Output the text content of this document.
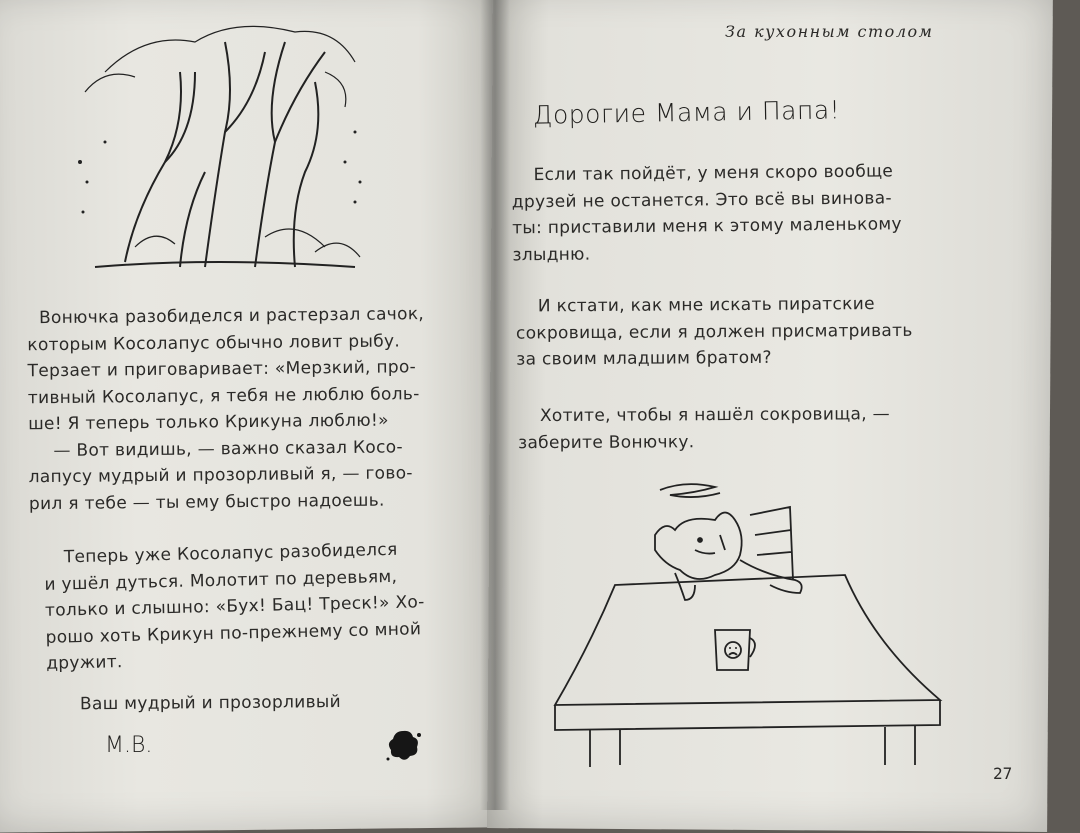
Вонючка разобиделся и растерзал сачок,
которым Косолапус обычно ловит рыбу.
Терзает и приговаривает: «Мерзкий, про-
тивный Косолапус, я тебя не люблю боль-
ше! Я теперь только Крикуна люблю!»
— Вот видишь, — важно сказал Косо-
лапусу мудрый и прозорливый я, — гово-
рил я тебе — ты ему быстро надоешь.
Теперь уже Косолапус разобиделся
и ушёл дуться. Молотит по деревьям,
только и слышно: «Бух! Бац! Треск!» Хо-
рошо хоть Крикун по-прежнему со мной
дружит.
Ваш мудрый и прозорливый
М.В.
За кухонным столом
Дорогие Мама и Папа!
Если так пойдёт, у меня скоро вообще
друзей не останется. Это всё вы винова-
ты: приставили меня к этому маленькому
злыдню.
И кстати, как мне искать пиратские
сокровища, если я должен присматривать
за своим младшим братом?
Хотите, чтобы я нашёл сокровища, —
заберите Вонючку.
27
